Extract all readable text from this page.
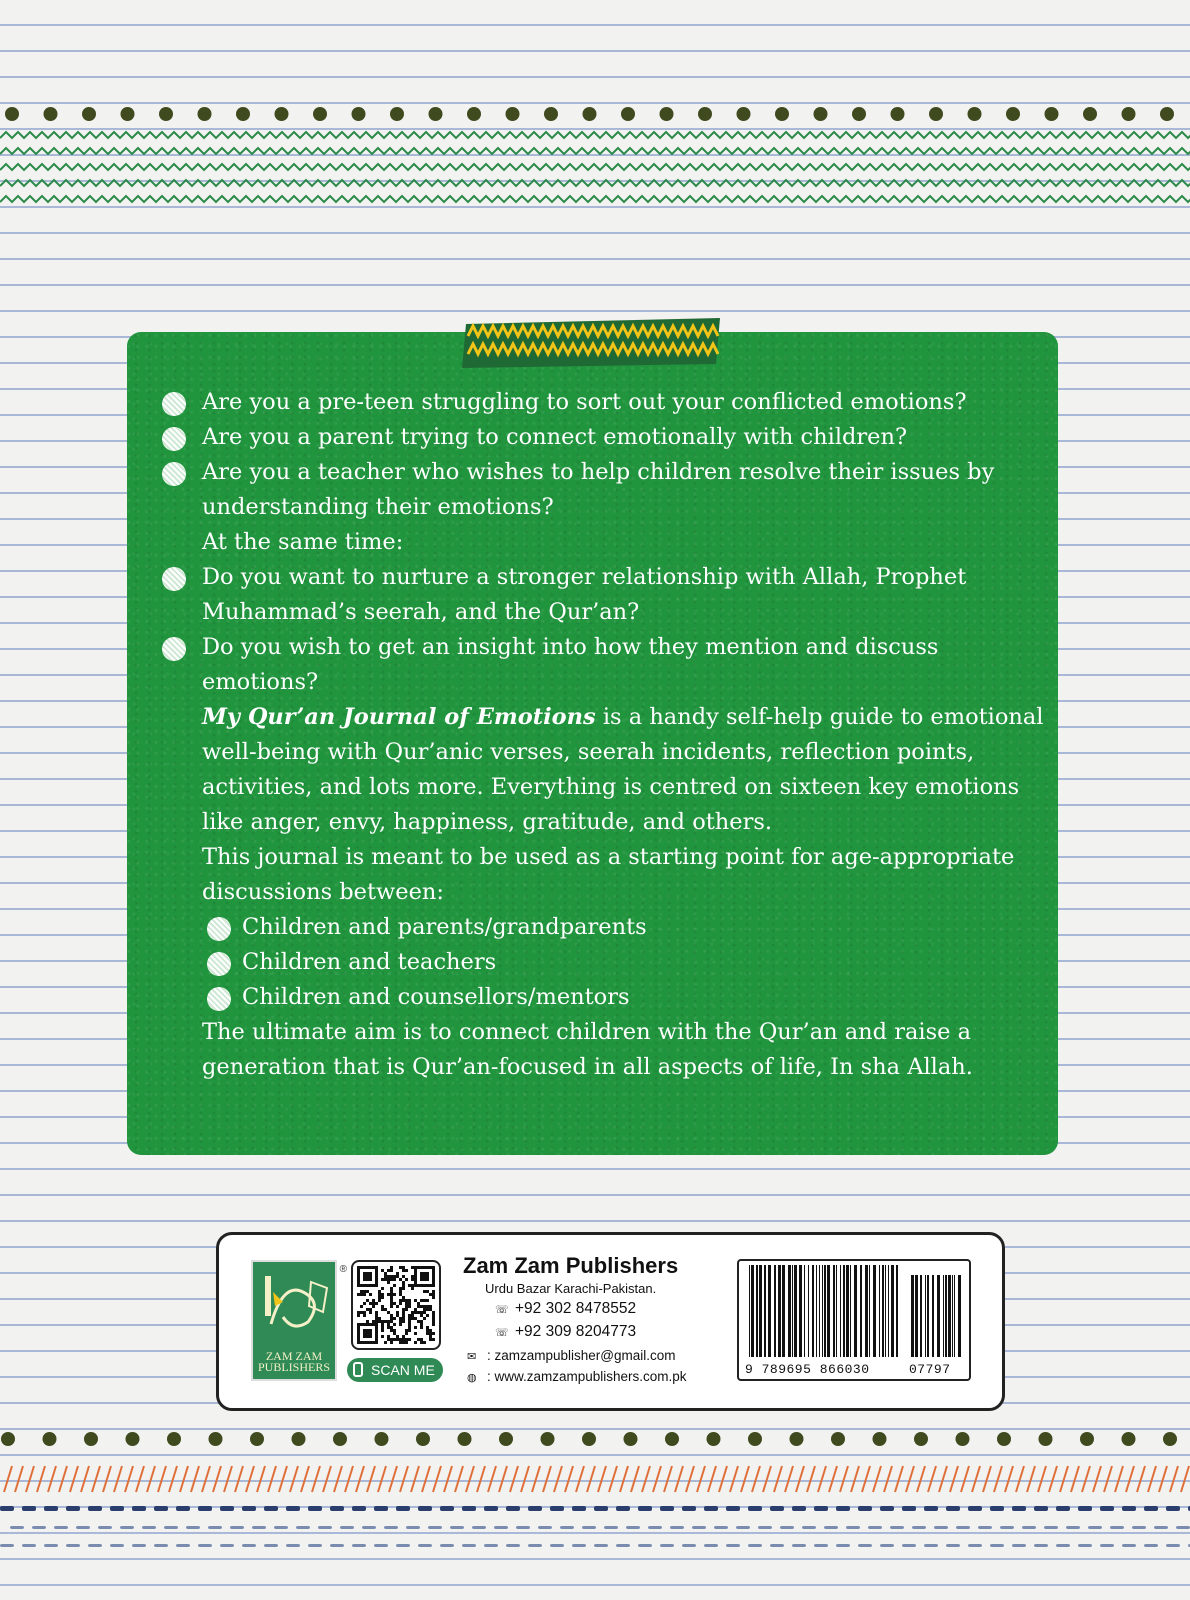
Are you a pre-teen struggling to sort out your conflicted emotions?
Are you a parent trying to connect emotionally with children?
Are you a teacher who wishes to help children resolve their issues by
understanding their emotions?
At the same time:
Do you want to nurture a stronger relationship with Allah, Prophet
Muhammad’s seerah, and the Qur’an?
Do you wish to get an insight into how they mention and discuss
emotions?
My Qur’an Journal of Emotions is a handy self-help guide to emotional
well-being with Qur’anic verses, seerah incidents, reflection points,
activities, and lots more. Everything is centred on sixteen key emotions
like anger, envy, happiness, gratitude, and others.
This journal is meant to be used as a starting point for age-appropriate
discussions between:
Children and parents/grandparents
Children and teachers
Children and counsellors/mentors
The ultimate aim is to connect children with the Qur’an and raise a
generation that is Qur’an-focused in all aspects of life, In sha Allah.
ZAM ZAM
PUBLISHERS
®
SCAN ME
Zam Zam Publishers
Urdu Bazar Karachi-Pakistan.
☏ +92 302 8478552
☏ +92 309 8204773
✉ : zamzampublisher@gmail.com
◍ : www.zamzampublishers.com.pk	9 789695 866030	07797
